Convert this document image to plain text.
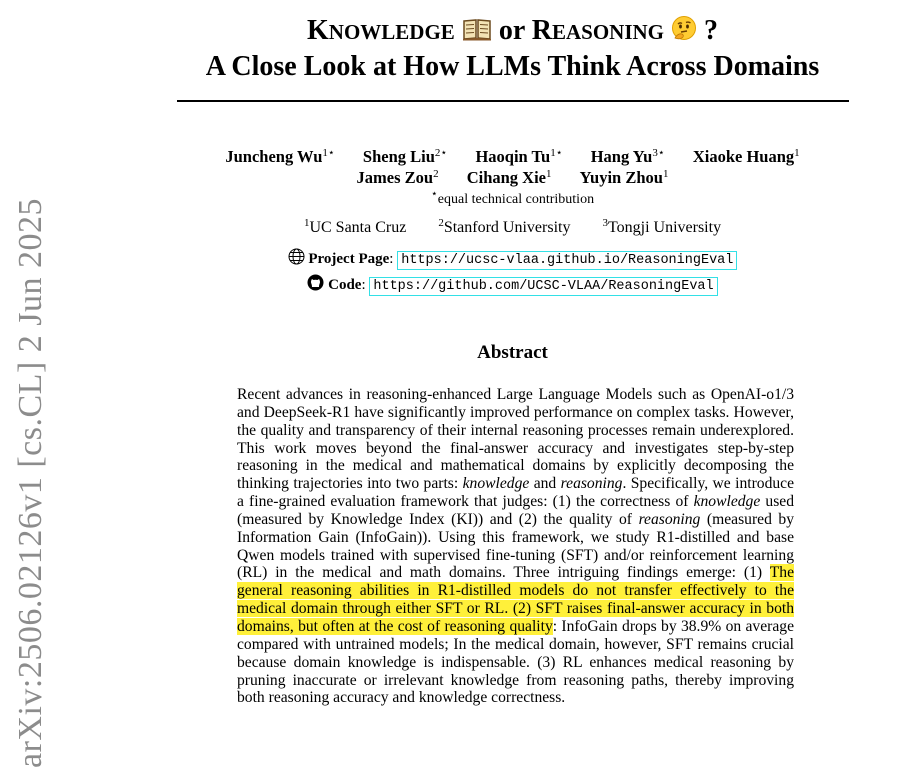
arXiv:2506.02126v1 [cs.CL] 2 Jun 2025
KNOWLEDGE or REASONING ?
A Close Look at How LLMs Think Across Domains
Juncheng $Wu^{1⋆}$ Sheng Liu$^{2⋆}$ Haoqin $Tu^{1⋆}$ Hang $Yu^{3⋆}$ Xiaoke Huang$^1$
James Zou$^2$ Cihang Xie$^1$ Yuyin Zhou$^1$
⋆equal technical contribution
$^1$UC Santa Cruz	$^2$Stanford University	$^3$Tongji University
Project Page: https://ucsc-vlaa.github.io/ReasoningEval
Code: https://github.com/UCSC-VLAA/ReasoningEval
Abstract
Recent advances in reasoning-enhanced Large Language Models such as OpenAI-o1/3 and DeepSeek-R1 have significantly improved performance on complex tasks. However, the quality and transparency of their internal reasoning processes remain underexplored. This work moves beyond the final-answer accuracy and investigates step-by-step reasoning in the medical and mathematical domains by explicitly decomposing the thinking trajectories into two parts: knowledge and reasoning. Specifically, we introduce a fine-grained evaluation framework that judges: (1) the correctness of knowledge used (measured by Knowledge Index (KI)) and (2) the quality of reasoning (measured by Information Gain (InfoGain)). Using this framework, we study R1-distilled and base Qwen models trained with supervised fine-tuning (SFT) and/or reinforcement learning (RL) in the medical and math domains. Three intriguing findings emerge: (1) The general reasoning abilities in R1-distilled models do not transfer effectively to the medical domain through either SFT or RL. (2) SFT raises final-answer accuracy in both domains, but often at the cost of reasoning quality: InfoGain drops by 38.9% on average compared with untrained models; In the medical domain, however, SFT remains crucial because domain knowledge is indispensable. (3) RL enhances medical reasoning by pruning inaccurate or irrelevant knowledge from reasoning paths, thereby improving both reasoning accuracy and knowledge correctness.
